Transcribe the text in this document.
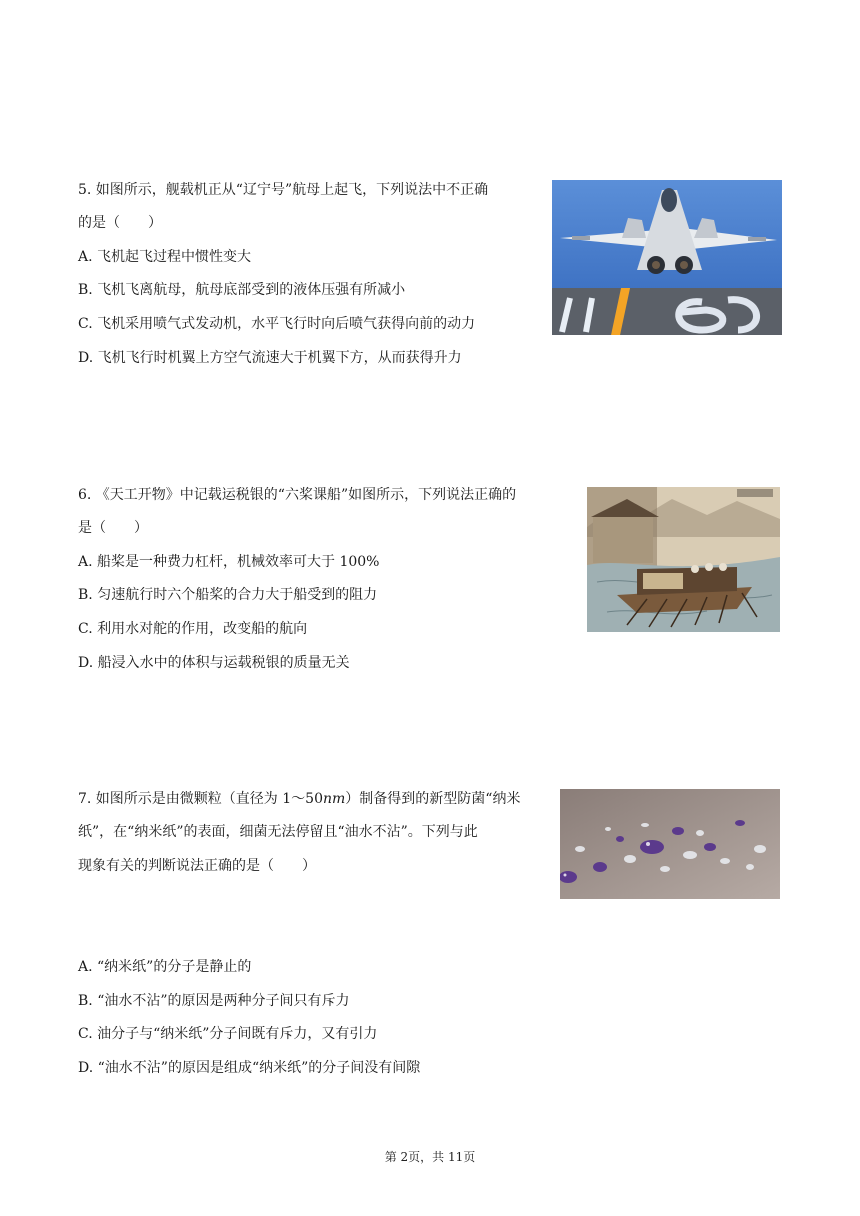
5. 如图所示，舰载机正从“辽宁号”航母上起飞，下列说法中不正确
的是（　　）
A. 飞机起飞过程中惯性变大
B. 飞机飞离航母，航母底部受到的液体压强有所减小
C. 飞机采用喷气式发动机，水平飞行时向后喷气获得向前的动力
D. 飞机飞行时机翼上方空气流速大于机翼下方，从而获得升力
6. 《天工开物》中记载运税银的“六桨课船”如图所示，下列说法正确的
是（　　）
A. 船桨是一种费力杠杆，机械效率可大于 100%
B. 匀速航行时六个船桨的合力大于船受到的阻力
C. 利用水对舵的作用，改变船的航向
D. 船浸入水中的体积与运载税银的质量无关
7. 如图所示是由微颗粒（直径为 1～50nm）制备得到的新型防菌“纳米
纸”，在“纳米纸”的表面，细菌无法停留且“油水不沾”。下列与此
现象有关的判断说法正确的是（　　）
A. “纳米纸”的分子是静止的
B. “油水不沾”的原因是两种分子间只有斥力
C. 油分子与“纳米纸”分子间既有斥力，又有引力
D. “油水不沾”的原因是组成“纳米纸”的分子间没有间隙
第 2页，共 11页
